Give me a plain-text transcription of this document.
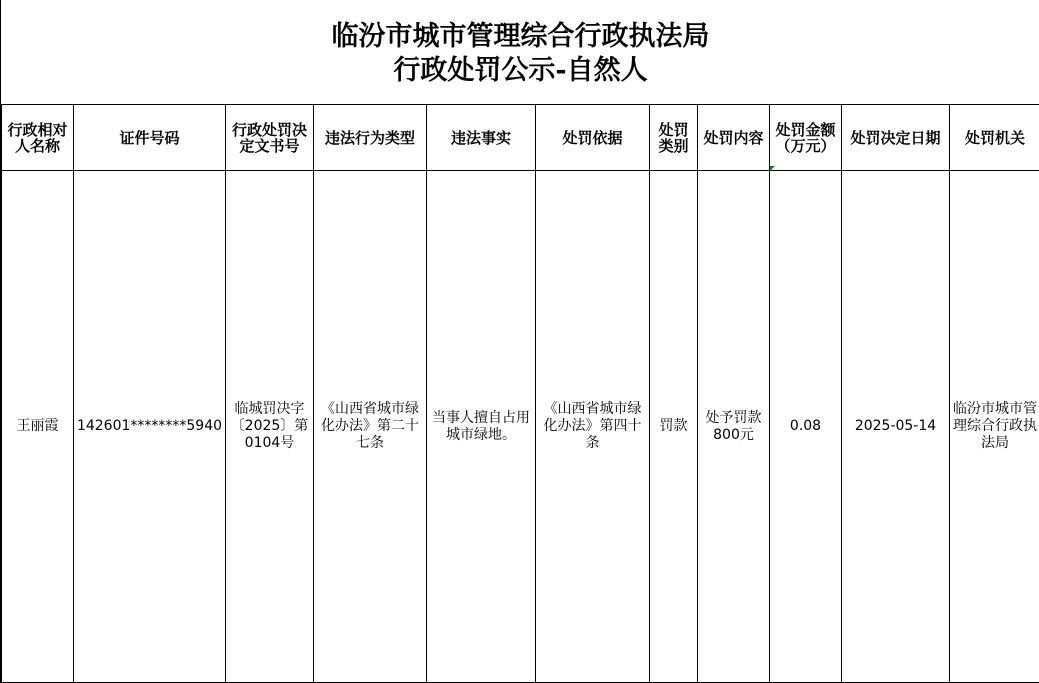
临汾市城市管理综合行政执法局
行政处罚公示-自然人
行政相对人名称	证件号码	行政处罚决定文书号	违法行为类型	违法事实	处罚依据	处罚类别	处罚内容	处罚金额（万元）	处罚决定日期	处罚机关
王丽霞	142601********5940	临城罚决字〔2025〕第0104号	《山西省城市绿化办法》第二十七条	当事人擅自占用城市绿地。	《山西省城市绿化办法》第四十条	罚款	处予罚款800元	0.08	2025-05-14	临汾市城市管理综合行政执法局
